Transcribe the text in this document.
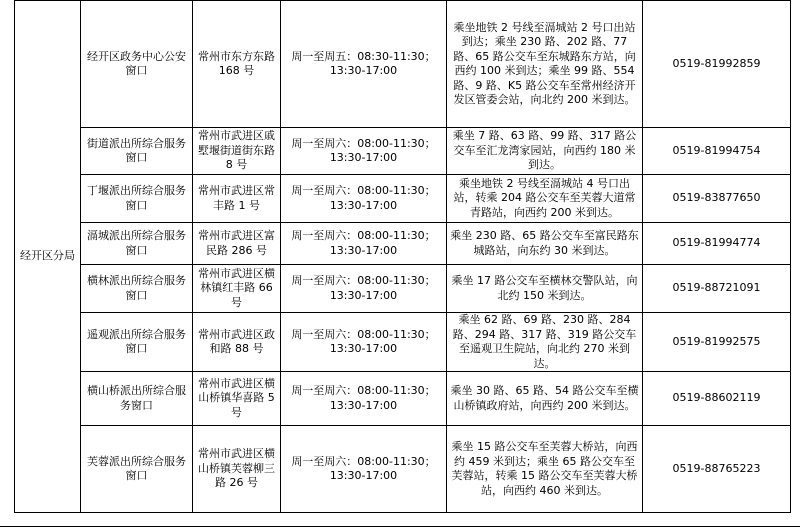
经开区分局	经开区政务中心公安窗口	常州市东方东路 168 号	周一至周五：08:30-11:30；
13:30-17:00	乘坐地铁 2 号线至滆城站 2 号口出站到达；乘坐 230 路、202 路、77 路、65 路公交车至东城路东方站，向西约 100 米到达；乘坐 99 路、554 路、9 路、K5 路公交车至常州经济开发区管委会站，向北约 200 米到达。	0519-81992859
	街道派出所综合服务窗口	常州市武进区戚墅堰街道街东路 8 号	周一至周六：08:00-11:30；
13:30-17:00	乘坐 7 路、63 路、99 路、317 路公交车至汇龙湾家园站，向西约 180 米到达。	0519-81994754
	丁堰派出所综合服务窗口	常州市武进区常丰路 1 号	周一至周六：08:00-11:30；
13:30-17:00	乘坐地铁 2 号线至滆城站 4 号口出站，转乘 204 路公交车至芙蓉大道常青路站，向西约 200 米到达。	0519-83877650
	滆城派出所综合服务窗口	常州市武进区富民路 286 号	周一至周六：08:00-11:30；
13:30-17:00	乘坐 230 路、65 路公交车至富民路东城路站，向东约 30 米到达。	0519-81994774
	横林派出所综合服务窗口	常州市武进区横林镇红丰路 66 号	周一至周六：08:00-11:30；
13:30-17:00	乘坐 17 路公交车至横林交警队站，向北约 150 米到达。	0519-88721091
	遥观派出所综合服务窗口	常州市武进区政和路 88 号	周一至周六：08:00-11:30；
13:30-17:00	乘坐 62 路、69 路、230 路、284 路、294 路、317 路、319 路公交车至遥观卫生院站，向北约 270 米到达。	0519-81992575
	横山桥派出所综合服务窗口	常州市武进区横山桥镇华喜路 5 号	周一至周六：08:00-11:30；
13:30-17:00	乘坐 30 路、65 路、54 路公交车至横山桥镇政府站，向西约 200 米到达。	0519-88602119
	芙蓉派出所综合服务窗口	常州市武进区横山桥镇芙蓉柳三路 26 号	周一至周六：08:00-11:30；
13:30-17:00	乘坐 15 路公交车至芙蓉大桥站，向西约 459 米到达；乘坐 65 路公交车至芙蓉站，转乘 15 路公交车至芙蓉大桥站，向西约 460 米到达。	0519-88765223
